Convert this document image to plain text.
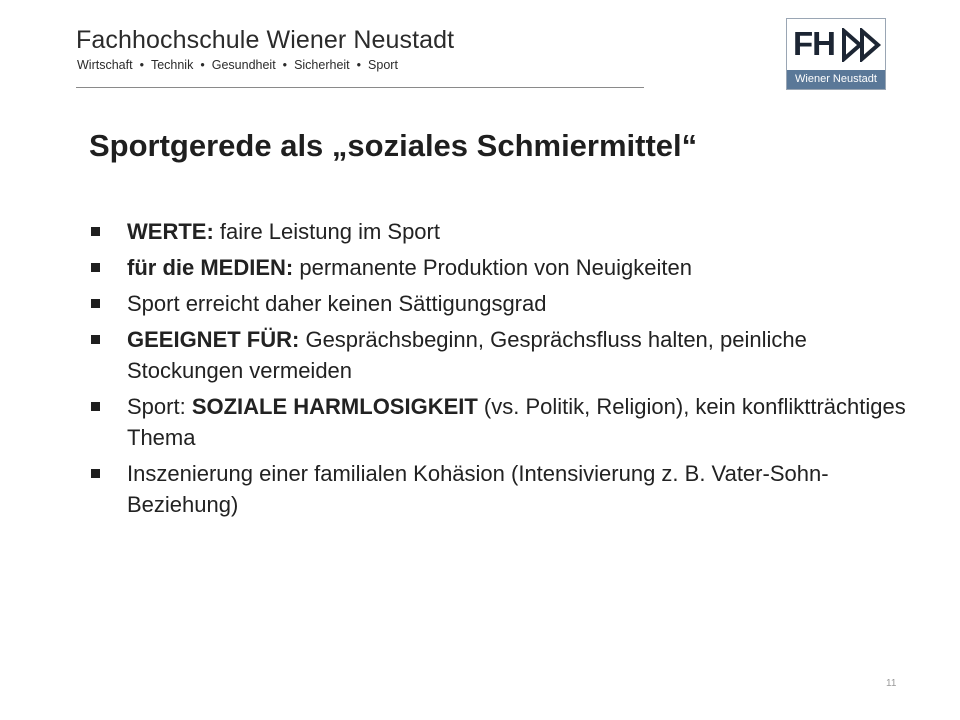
Fachhochschule Wiener Neustadt
Wirtschaft • Technik • Gesundheit • Sicherheit • Sport
FH
Wiener Neustadt
Sportgerede als „soziales Schmiermittel“
WERTE: faire Leistung im Sport
für die MEDIEN: permanente Produktion von Neuigkeiten
Sport erreicht daher keinen Sättigungsgrad
GEEIGNET FÜR: Gesprächsbeginn, Gesprächsfluss halten, peinliche Stockungen vermeiden
Sport: SOZIALE HARMLOSIGKEIT (vs. Politik, Religion), kein konfliktträchtiges Thema
Inszenierung einer familialen Kohäsion (Intensivierung z. B. Vater-Sohn-Beziehung)
11
